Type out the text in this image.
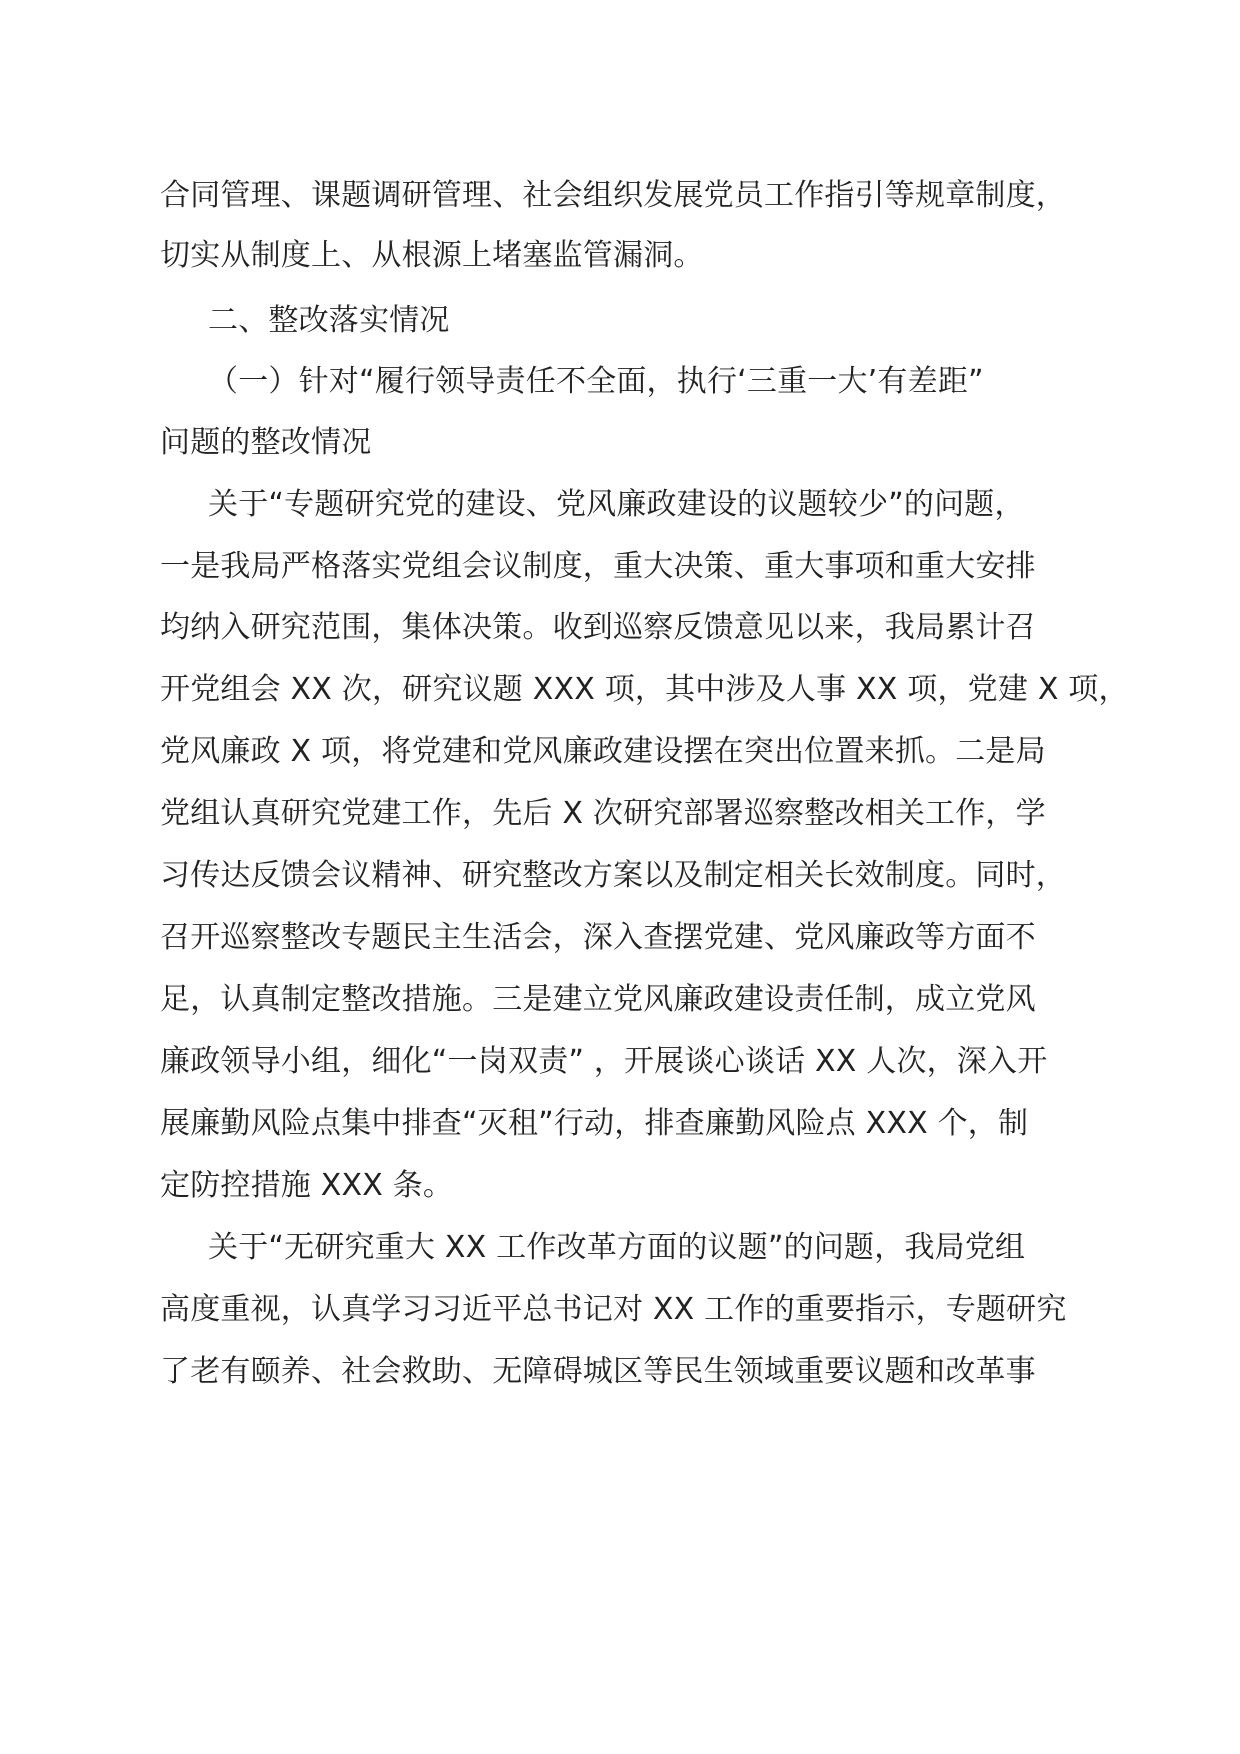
合同管理、课题调研管理、社会组织发展党员工作指引等规章制度，
切实从制度上、从根源上堵塞监管漏洞。
二、整改落实情况
（一）针对“履行领导责任不全面，执行‘三重一大’有差距”
问题的整改情况
关于“专题研究党的建设、党风廉政建设的议题较少”的问题，
一是我局严格落实党组会议制度，重大决策、重大事项和重大安排
均纳入研究范围，集体决策。收到巡察反馈意见以来，我局累计召
开党组会 XX 次，研究议题 XXX 项，其中涉及人事 XX 项，党建 X 项，
党风廉政 X 项，将党建和党风廉政建设摆在突出位置来抓。二是局
党组认真研究党建工作，先后 X 次研究部署巡察整改相关工作，学
习传达反馈会议精神、研究整改方案以及制定相关长效制度。同时，
召开巡察整改专题民主生活会，深入查摆党建、党风廉政等方面不
足，认真制定整改措施。三是建立党风廉政建设责任制，成立党风
廉政领导小组，细化“一岗双责” ，开展谈心谈话 XX 人次，深入开
展廉勤风险点集中排查“灭租”行动，排查廉勤风险点 XXX 个，制
定防控措施 XXX 条。
关于“无研究重大 XX 工作改革方面的议题”的问题，我局党组
高度重视，认真学习习近平总书记对 XX 工作的重要指示，专题研究
了老有颐养、社会救助、无障碍城区等民生领域重要议题和改革事
